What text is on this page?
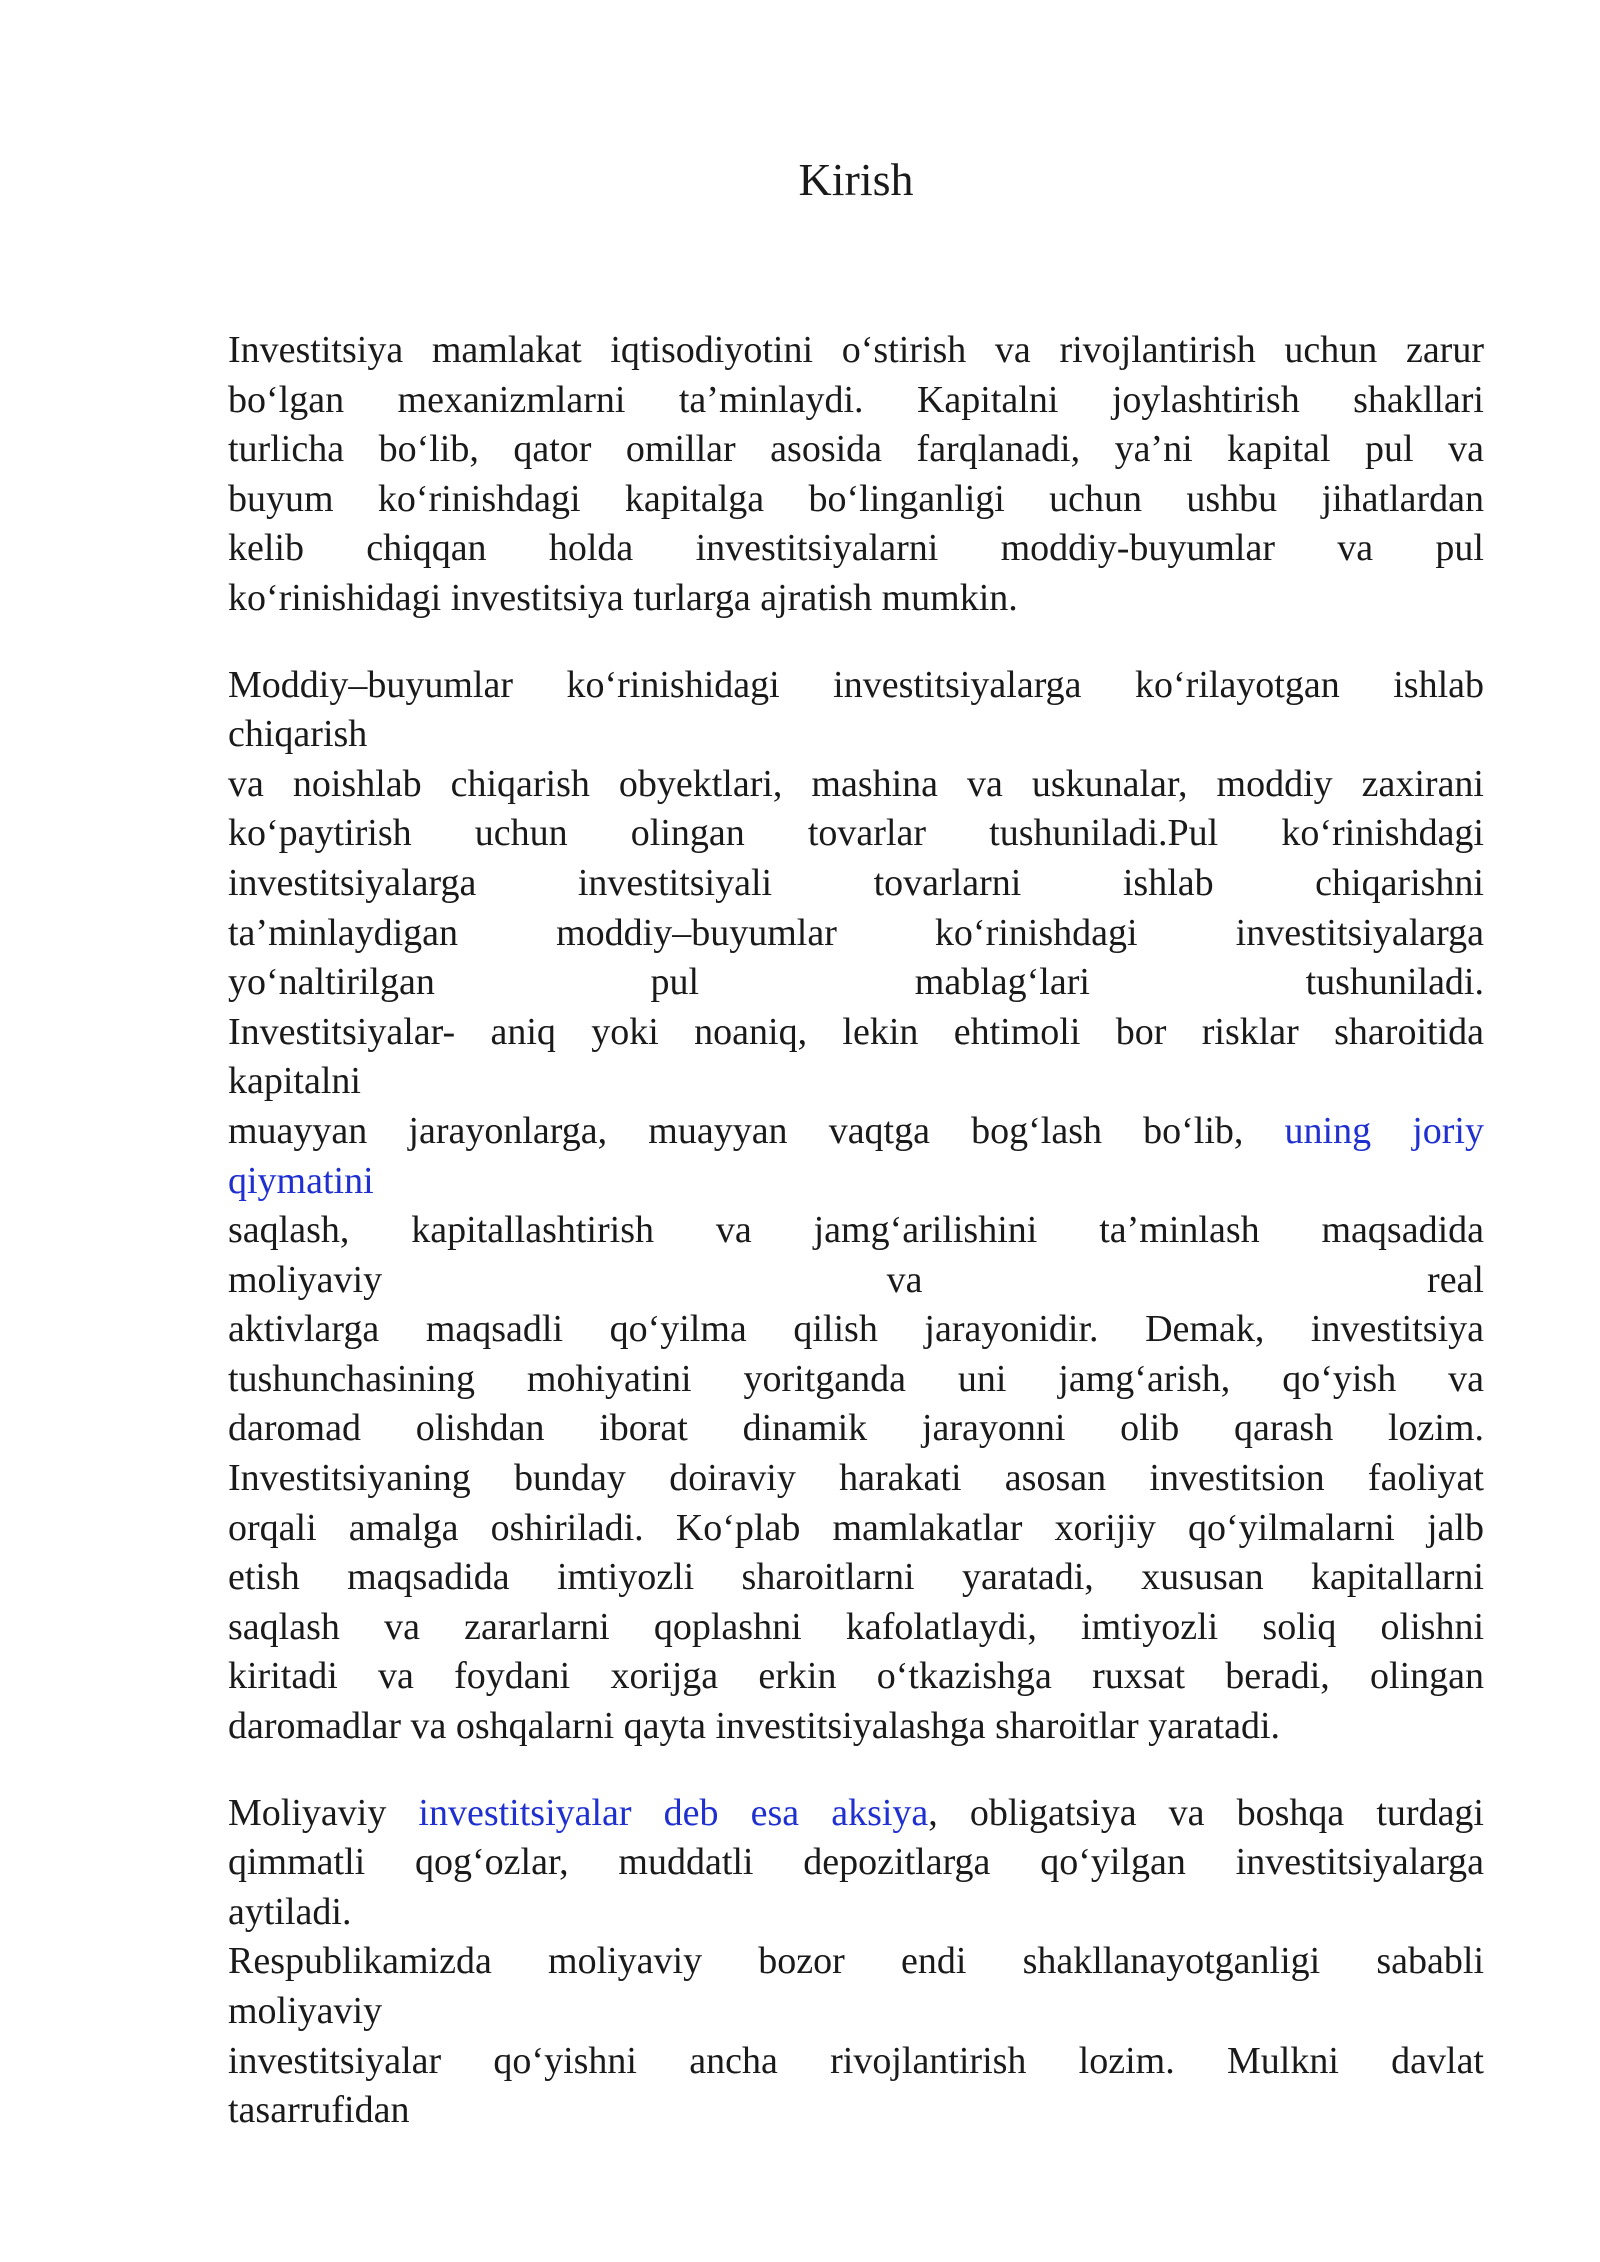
Kirish
Investitsiya mamlakat iqtisodiyotini o‘stirish va rivojlantirish uchun zarur
bo‘lgan mexanizmlarni ta’minlaydi. Kapitalni joylashtirish shakllari
turlicha bo‘lib, qator omillar asosida farqlanadi, ya’ni kapital pul va
buyum ko‘rinishdagi kapitalga bo‘linganligi uchun ushbu jihatlardan
kelib chiqqan holda investitsiyalarni moddiy-buyumlar va pul
ko‘rinishidagi investitsiya turlarga ajratish mumkin.
Moddiy–buyumlar ko‘rinishidagi investitsiyalarga ko‘rilayotgan ishlab
chiqarish
va noishlab chiqarish obyektlari, mashina va uskunalar, moddiy zaxirani
ko‘paytirish uchun olingan tovarlar tushuniladi.Pul ko‘rinishdagi
investitsiyalarga investitsiyali tovarlarni ishlab chiqarishni
ta’minlaydigan moddiy–buyumlar ko‘rinishdagi investitsiyalarga
yo‘naltirilgan pul mablag‘lari tushuniladi.
Investitsiyalar- aniq yoki noaniq, lekin ehtimoli bor risklar sharoitida
kapitalni
muayyan jarayonlarga, muayyan vaqtga bog‘lash bo‘lib, uning joriy
qiymatini
saqlash, kapitallashtirish va jamg‘arilishini ta’minlash maqsadida
moliyaviy va real
aktivlarga maqsadli qo‘yilma qilish jarayonidir. Demak, investitsiya
tushunchasining mohiyatini yoritganda uni jamg‘arish, qo‘yish va
daromad olishdan iborat dinamik jarayonni olib qarash lozim.
Investitsiyaning bunday doiraviy harakati asosan investitsion faoliyat
orqali amalga oshiriladi. Ko‘plab mamlakatlar xorijiy qo‘yilmalarni jalb
etish maqsadida imtiyozli sharoitlarni yaratadi, xususan kapitallarni
saqlash va zararlarni qoplashni kafolatlaydi, imtiyozli soliq olishni
kiritadi va foydani xorijga erkin o‘tkazishga ruxsat beradi, olingan
daromadlar va oshqalarni qayta investitsiyalashga sharoitlar yaratadi.
Moliyaviy investitsiyalar deb esa aksiya, obligatsiya va boshqa turdagi
qimmatli qog‘ozlar, muddatli depozitlarga qo‘yilgan investitsiyalarga
aytiladi.
Respublikamizda moliyaviy bozor endi shakllanayotganligi sababli
moliyaviy
investitsiyalar qo‘yishni ancha rivojlantirish lozim. Mulkni davlat
tasarrufidan
